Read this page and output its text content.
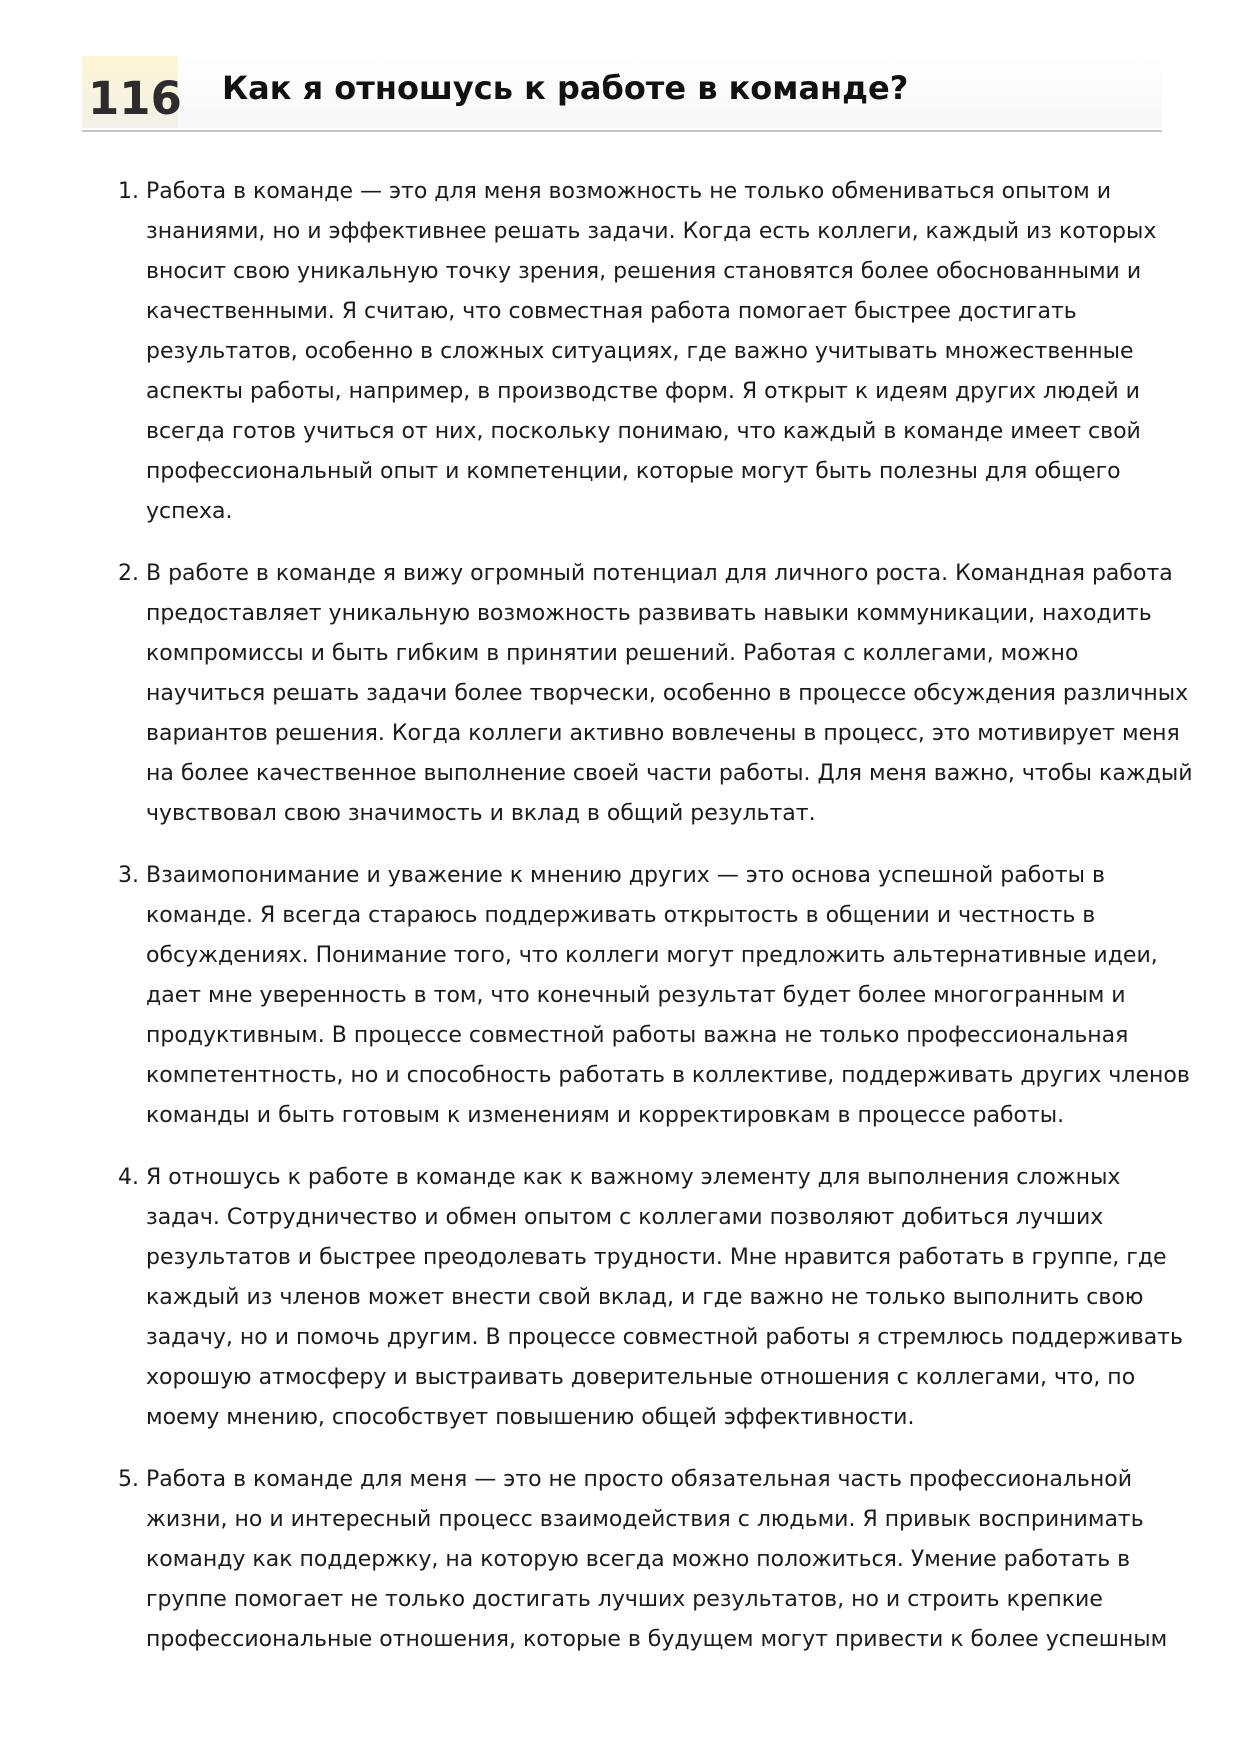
116 Как я отношусь к работе в команде?
1. Работа в команде — это для меня возможность не только обмениваться опытом и знаниями, но и эффективнее решать задачи. Когда есть коллеги, каждый из которых вносит свою уникальную точку зрения, решения становятся более обоснованными и качественными. Я считаю, что совместная работа помогает быстрее достигать результатов, особенно в сложных ситуациях, где важно учитывать множественные аспекты работы, например, в производстве форм. Я открыт к идеям других людей и всегда готов учиться от них, поскольку понимаю, что каждый в команде имеет свой профессиональный опыт и компетенции, которые могут быть полезны для общего успеха.
2. В работе в команде я вижу огромный потенциал для личного роста. Командная работа предоставляет уникальную возможность развивать навыки коммуникации, находить компромиссы и быть гибким в принятии решений. Работая с коллегами, можно научиться решать задачи более творчески, особенно в процессе обсуждения различных вариантов решения. Когда коллеги активно вовлечены в процесс, это мотивирует меня на более качественное выполнение своей части работы. Для меня важно, чтобы каждый чувствовал свою значимость и вклад в общий результат.
3. Взаимопонимание и уважение к мнению других — это основа успешной работы в команде. Я всегда стараюсь поддерживать открытость в общении и честность в обсуждениях. Понимание того, что коллеги могут предложить альтернативные идеи, дает мне уверенность в том, что конечный результат будет более многогранным и продуктивным. В процессе совместной работы важна не только профессиональная компетентность, но и способность работать в коллективе, поддерживать других членов команды и быть готовым к изменениям и корректировкам в процессе работы.
4. Я отношусь к работе в команде как к важному элементу для выполнения сложных задач. Сотрудничество и обмен опытом с коллегами позволяют добиться лучших результатов и быстрее преодолевать трудности. Мне нравится работать в группе, где каждый из членов может внести свой вклад, и где важно не только выполнить свою задачу, но и помочь другим. В процессе совместной работы я стремлюсь поддерживать хорошую атмосферу и выстраивать доверительные отношения с коллегами, что, по моему мнению, способствует повышению общей эффективности.
5. Работа в команде для меня — это не просто обязательная часть профессиональной жизни, но и интересный процесс взаимодействия с людьми. Я привык воспринимать команду как поддержку, на которую всегда можно положиться. Умение работать в группе помогает не только достигать лучших результатов, но и строить крепкие профессиональные отношения, которые в будущем могут привести к более успешным
